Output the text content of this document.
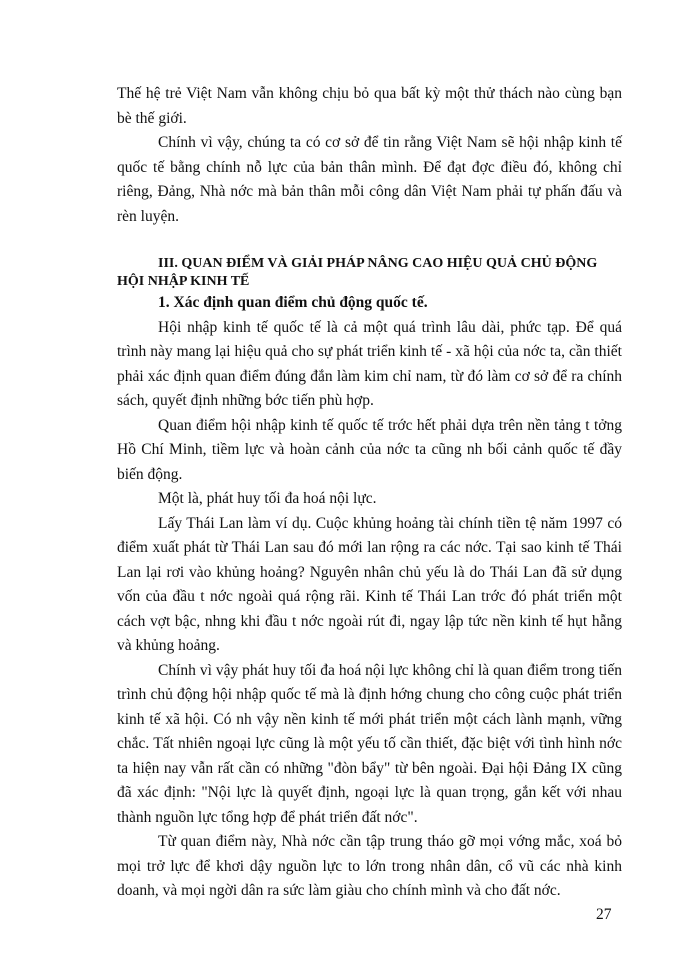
Thế hệ trẻ Việt Nam vẫn không chịu bỏ qua bất kỳ một thử thách nào cùng bạn bè thế giới.

Chính vì vậy, chúng ta có cơ sở để tin rằng Việt Nam sẽ hội nhập kinh tế quốc tế bằng chính nỗ lực của bản thân mình. Để đạt đợc điều đó, không chỉ riêng, Đảng, Nhà nớc mà bản thân mỗi công dân Việt Nam phải tự phấn đấu và rèn luyện.

III. QUAN ĐIỂM VÀ GIẢI PHÁP NÂNG CAO HIỆU QUẢ CHỦ ĐỘNG HỘI NHẬP KINH TẾ
1. Xác định quan điểm chủ động quốc tế.

Hội nhập kinh tế quốc tế là cả một quá trình lâu dài, phức tạp. Để quá trình này mang lại hiệu quả cho sự phát triển kinh tế - xã hội của nớc ta, cần thiết phải xác định quan điểm đúng đắn làm kim chỉ nam, từ đó làm cơ sở để ra chính sách, quyết định những bớc tiến phù hợp.

Quan điểm hội nhập kinh tế quốc tế trớc hết phải dựa trên nền tảng t tởng Hồ Chí Minh, tiềm lực và hoàn cảnh của nớc ta cũng nh bối cảnh quốc tế đầy biến động.

Một là, phát huy tối đa hoá nội lực.

Lấy Thái Lan làm ví dụ. Cuộc khủng hoảng tài chính tiền tệ năm 1997 có điểm xuất phát từ Thái Lan sau đó mới lan rộng ra các nớc. Tại sao kinh tế Thái Lan lại rơi vào khủng hoảng? Nguyên nhân chủ yếu là do Thái Lan đã sử dụng vốn của đầu t nớc ngoài quá rộng rãi. Kinh tế Thái Lan trớc đó phát triển một cách vợt bậc, nhng khi đầu t nớc ngoài rút đi, ngay lập tức nền kinh tế hụt hẫng và khủng hoảng.

Chính vì vậy phát huy tối đa hoá nội lực không chỉ là quan điểm trong tiến trình chủ động hội nhập quốc tế mà là định hớng chung cho công cuộc phát triển kinh tế xã hội. Có nh vậy nền kinh tế mới phát triển một cách lành mạnh, vững chắc. Tất nhiên ngoại lực cũng là một yếu tố cần thiết, đặc biệt với tình hình nớc ta hiện nay vẫn rất cần có những "đòn bẩy" từ bên ngoài. Đại hội Đảng IX cũng đã xác định: "Nội lực là quyết định, ngoại lực là quan trọng, gắn kết với nhau thành nguồn lực tổng hợp để phát triển đất nớc".

Từ quan điểm này, Nhà nớc cần tập trung tháo gỡ mọi vớng mắc, xoá bỏ mọi trở lực để khơi dậy nguồn lực to lớn trong nhân dân, cổ vũ các nhà kinh doanh, và mọi ngời dân ra sức làm giàu cho chính mình và cho đất nớc.

27
